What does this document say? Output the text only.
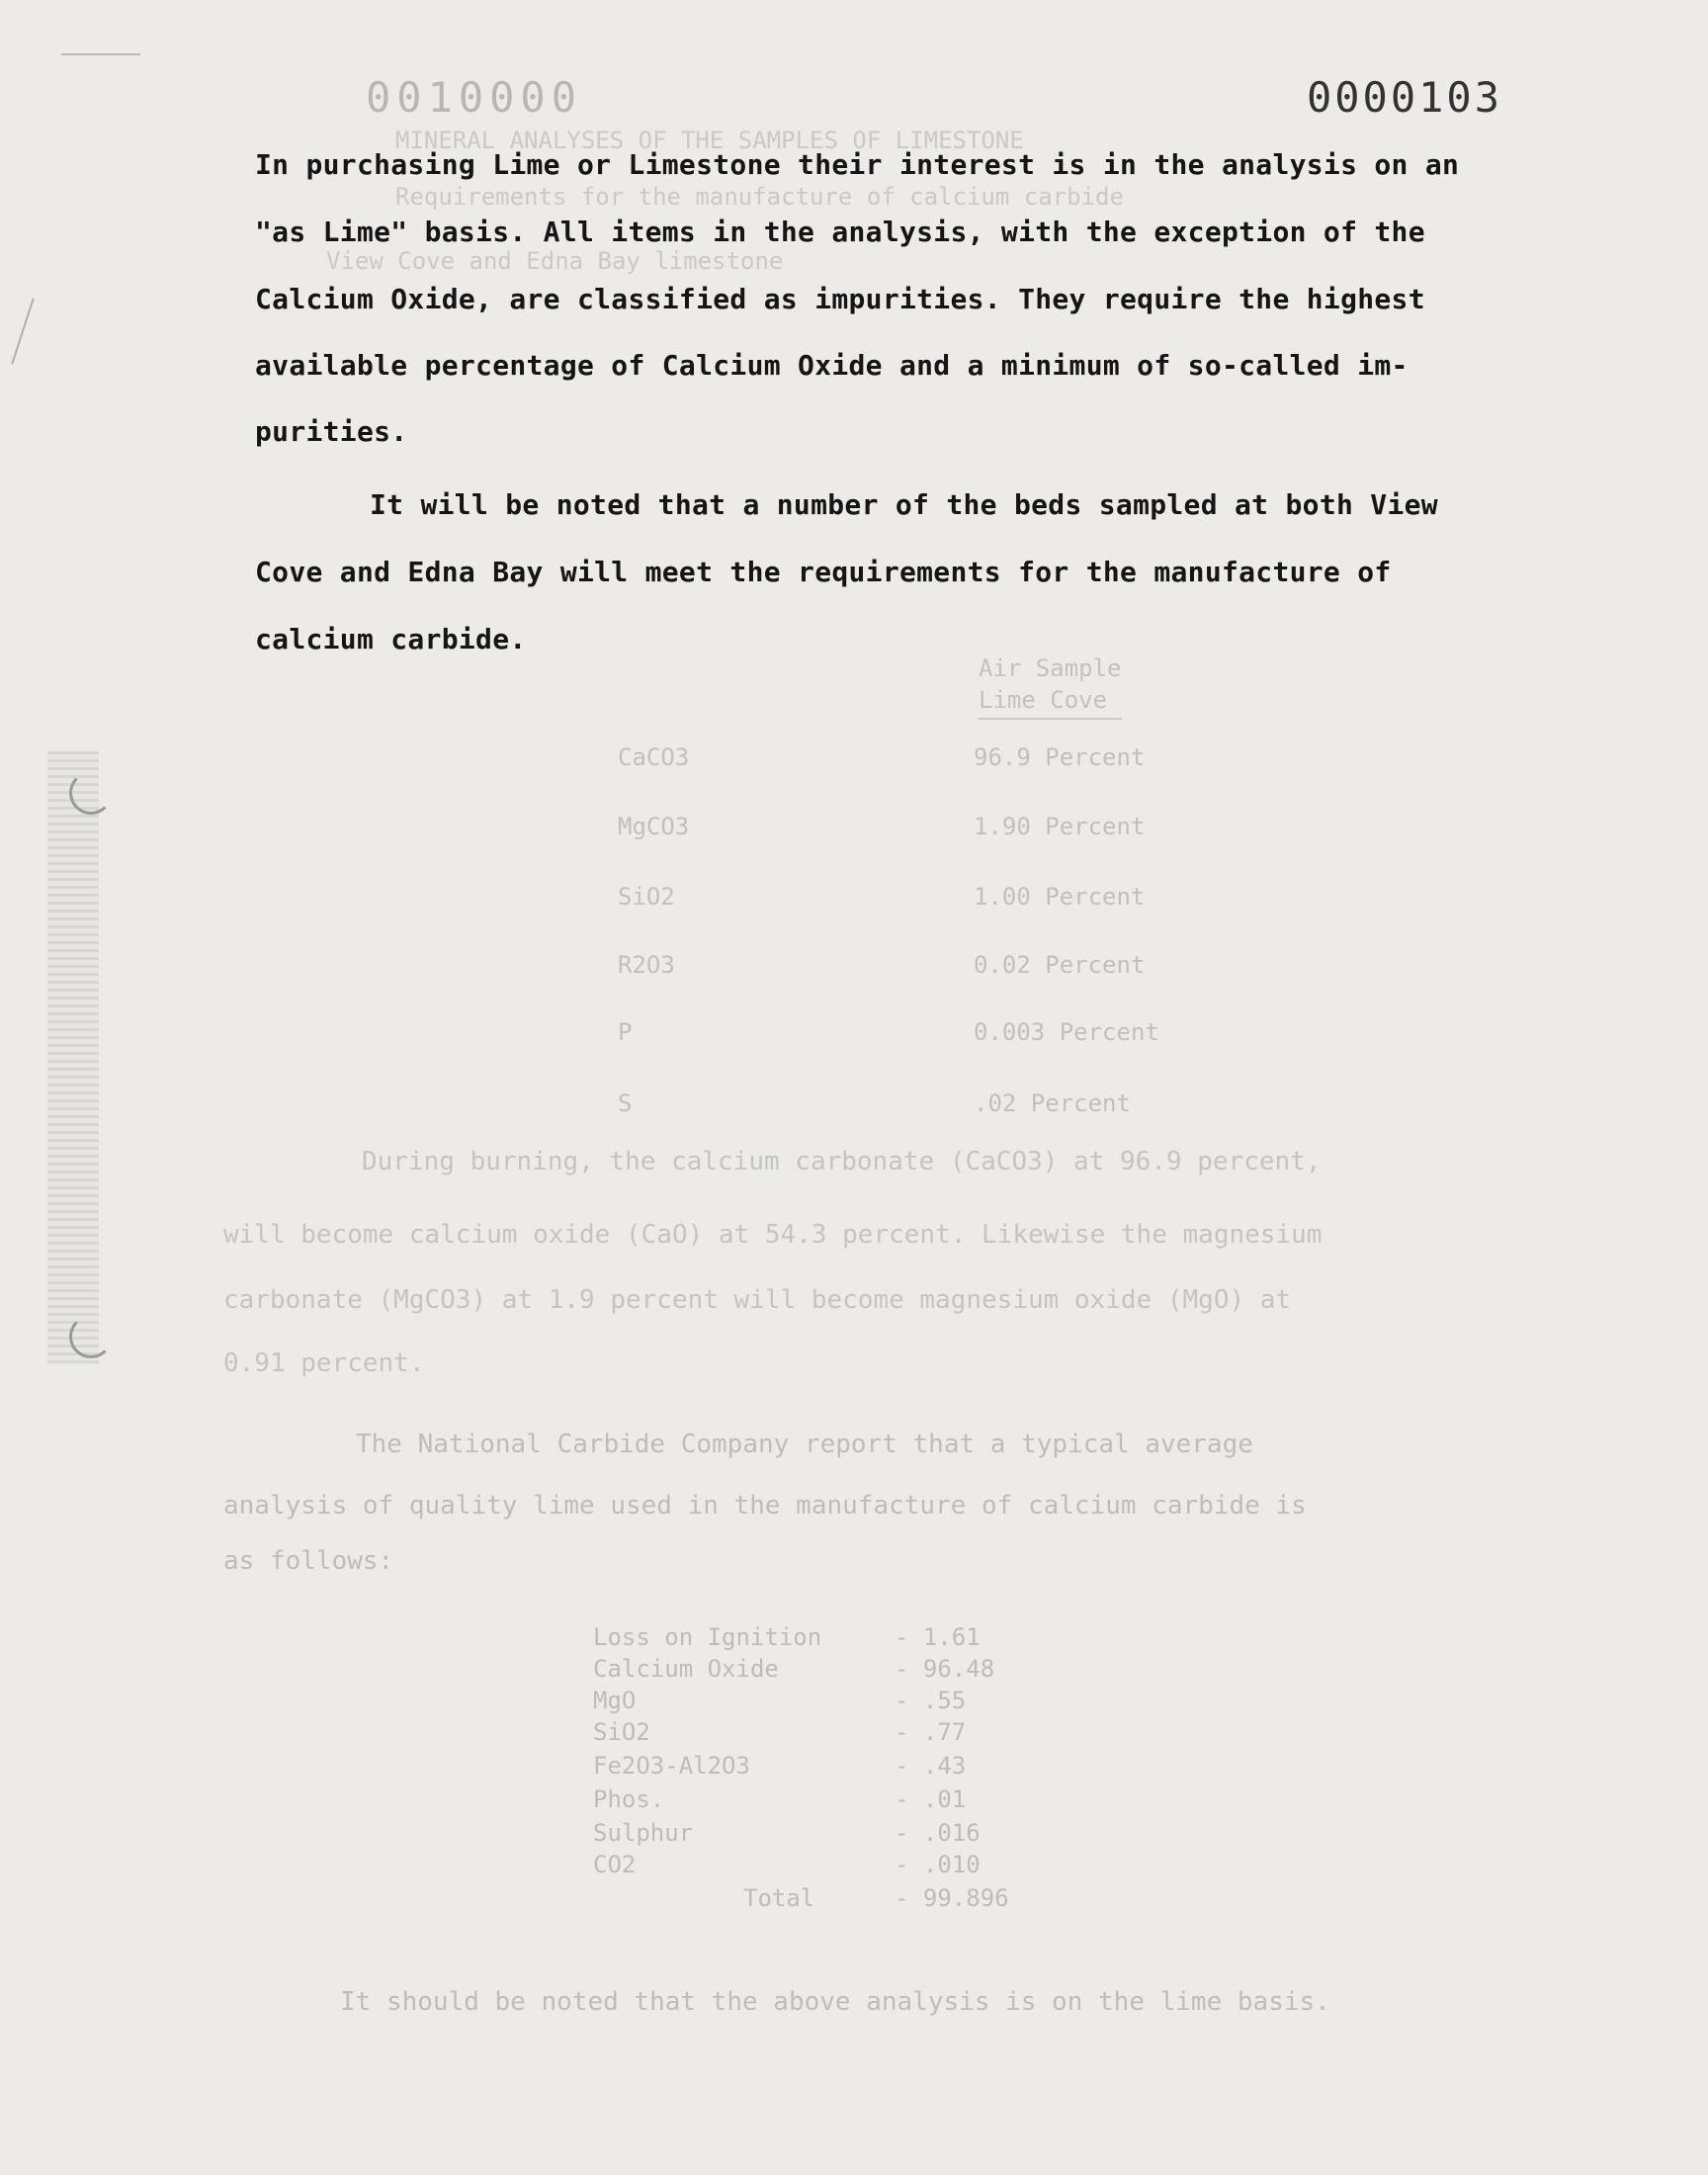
0000103
0010000
MINERAL ANALYSES OF THE SAMPLES OF LIMESTONE
Requirements for the manufacture of calcium carbide
View Cove and Edna Bay limestone
In purchasing Lime or Limestone their interest is in the analysis on an
"as Lime" basis. All items in the analysis, with the exception of the
Calcium Oxide, are classified as impurities. They require the highest
available percentage of Calcium Oxide and a minimum of so-called im-
purities.
It will be noted that a number of the beds sampled at both View
Cove and Edna Bay will meet the requirements for the manufacture of
calcium carbide.
Air Sample
Lime Cove
CaCO3	96.9 Percent
MgCO3	1.90 Percent
SiO2	1.00 Percent
R2O3	0.02 Percent
P	0.003 Percent
S	.02 Percent
During burning, the calcium carbonate (CaCO3) at 96.9 percent,
will become calcium oxide (CaO) at 54.3 percent. Likewise the magnesium
carbonate (MgCO3) at 1.9 percent will become magnesium oxide (MgO) at
0.91 percent.
The National Carbide Company report that a typical average
analysis of quality lime used in the manufacture of calcium carbide is
as follows:
Loss on Ignition	- 1.61
Calcium Oxide	- 96.48
MgO	- .55
SiO2	- .77
Fe2O3-Al2O3	- .43
Phos.	- .01
Sulphur	- .016
CO2	- .010
Total	- 99.896
It should be noted that the above analysis is on the lime basis.
